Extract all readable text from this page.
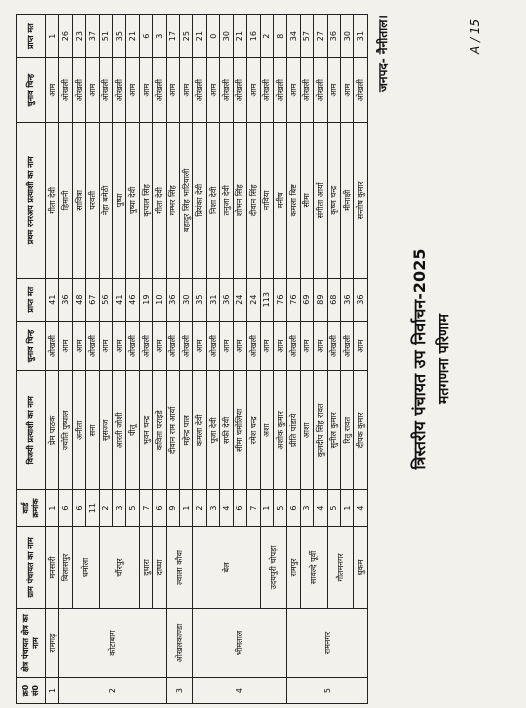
त्रिस्तरीय पंचायत उप निर्वाचन-2025 मतगणना परिणाम
जनपद- नैनीताल।	A / 15
क्र0 सं0	क्षेत्र पंचायत क्षेत्र का नाम	ग्राम पंचायत का नाम	वार्ड क्रमांक	विजयी प्रत्याशी का नाम	चुनाव चिन्ह	प्राप्त मत	प्रथम रनरअप प्रत्याशी का नाम	चुनाव चिन्ह	प्राप्त मत
1	रामगढ़	मनसारी	1	प्रेम पाठक	ओखली	41	गीता देवी	आम	1
2	कोटाबाग	बिलासपुर	6	ज्योति पुष्पाल	आम	36	हिमानी	ओखली	26
		धमोला	6	अनीता	आम	48	सावित्रा	ओखली	23
			11	सना	ओखली	67	परवती	आम	37
		चौंरपुर	2	सुसज्ज	आम	56	नेहा बमेठी	ओखली	51
			3	आरती जोशी	आम	41	पुष्पा	ओखली	35
			5	पीतू	ओखली	46	पुष्पा देवी	आम	21
		दुधारा	7	भुवन चन्द्र	ओखली	19	कृपाल सिंह	आम	6
		दाघ्घा	6	कविता पराइडे	आम	10	गीता देवी	ओखली	3
3	ओखलकाण्डा	ल्वाला कौवा	9	दीवान राम आर्या	ओखली	36	गम्भर सिंह	आम	17
			1	महेन्द्र पाल	ओखली	30	बहादुर सिंह भाटियाली	आम	25
4	भीमताल	बेल	2	कमला देवी	आम	35	प्रियंका देवी	ओखली	21
			3	पूजा देवी	ओखली	31	निशा देवी	आम	0
			4	सफी देवी	आम	36	तनुजा देवी	ओखली	30
			6	सीमा चमोलिया	आम	24	शोभन सिंह	ओखली	21
			7	रमेश चन्द्र	ओखली	24	दीवान सिंह	आम	16
		उदयपुरी चोपड़ा	1	अशा	आम	113	नाविया	ओखली	2
			5	अशोक कुमार	आम	76	मनीष	ओखली	8
5	रामनगर	रामपुर	6	प्रीति पांडाये	ओखली	76	कमला बिष्ट	आम	34
		सावल्दे पूर्वी	3	आशा	आम	69	सीमा	ओखली	57
			4	कुलदीप सिंह रावत	आम	89	संगीता आर्या	ओखली	27
		गौतमनगर	5	सुनील कुमार	ओखली	68	कृष्ण चन्द्र	आम	36
			1	रितु रावत	ओखली	36	मीनाक्षी	आम	30
		धुकम	4	दीपक कुमार	आम	36	सन्तोष कुमार	ओखली	31
